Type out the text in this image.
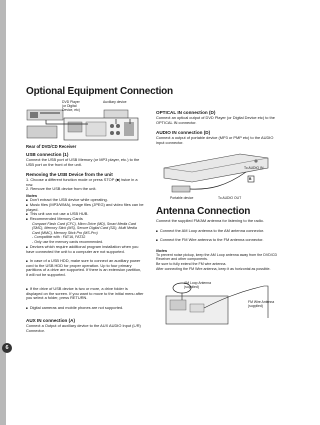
6
Optional Equipment Connection
DVD Player (or Digital Device, etc)
Auxiliary device
Rear of DVD/CD Receiver
USB connection (1)
Connect the USB port of USB Memory (or MP3 player, etc.) to the USB port on the front of the unit.
Removing the USB Device from the unit
1. Choose a different function mode or press STOP (■) twice in a row.
2. Remove the USB device from the unit.
Notes
■ Don't extract the USB device while operating.
■ Music files (MP3/WMA), image files (JPEG) and video files can be played.
■ This unit can not use a USB HUB.
■ Recommended Memory Cards
Compact Flash Card (CFC), Micro Drive (MD), Smart Media Card (SMC), Memory Stick (MS), Secure Digital Card (SD), Multi Media Card (MMC), Memory Stick Pro (MS-Pro)
- Compatible with : FAT16, FAT32
- Only use the memory cards recommended.
■ Devices which require additional program installation when you have connected the unit to a computer are not supported.
■ In case of a USB HDD, make sure to connect an auxiliary power cord to the USB HDD for proper operation. Up to four primary partitions of a drive are supported. If there is an extension partition, it will not be supported.
■ If the drive of USB device is two or more, a drive folder is displayed on the screen. If you want to move to the initial menu after you select a folder, press RETURN.
■ Digital cameras and mobile phones are not supported.
AUX IN connection (A)
Connect a Output of auxiliary device to the AUX AUDIO Input (L/R) Connector.
OPTICAL IN connection (D)
Connect an optical output of DVD Player (or Digital Device etc) to the OPTICAL IN connector.
AUDIO IN connection (D)
Connect a output of portable device (MP3 or PMP etc) to the AUDIO input connector.
To AUDIO IN
B
Portable device	To AUDIO OUT
Antenna Connection
Connect the supplied FM/AM antenna for listening to the radio.
■ Connect the AM Loop antenna to the AM antenna connector.
■ Connect the FM Wire antenna to the FM antenna connector.
Notes
To prevent noise pickup, keep the AM Loop antenna away from the DVD/CD Receiver and other components.
Be sure to fully extend the FM wire antenna.
After connecting the FM Wire antenna, keep it as horizontal as possible.
AM Loop Antenna (supplied)
FM Wire Antenna (supplied)
